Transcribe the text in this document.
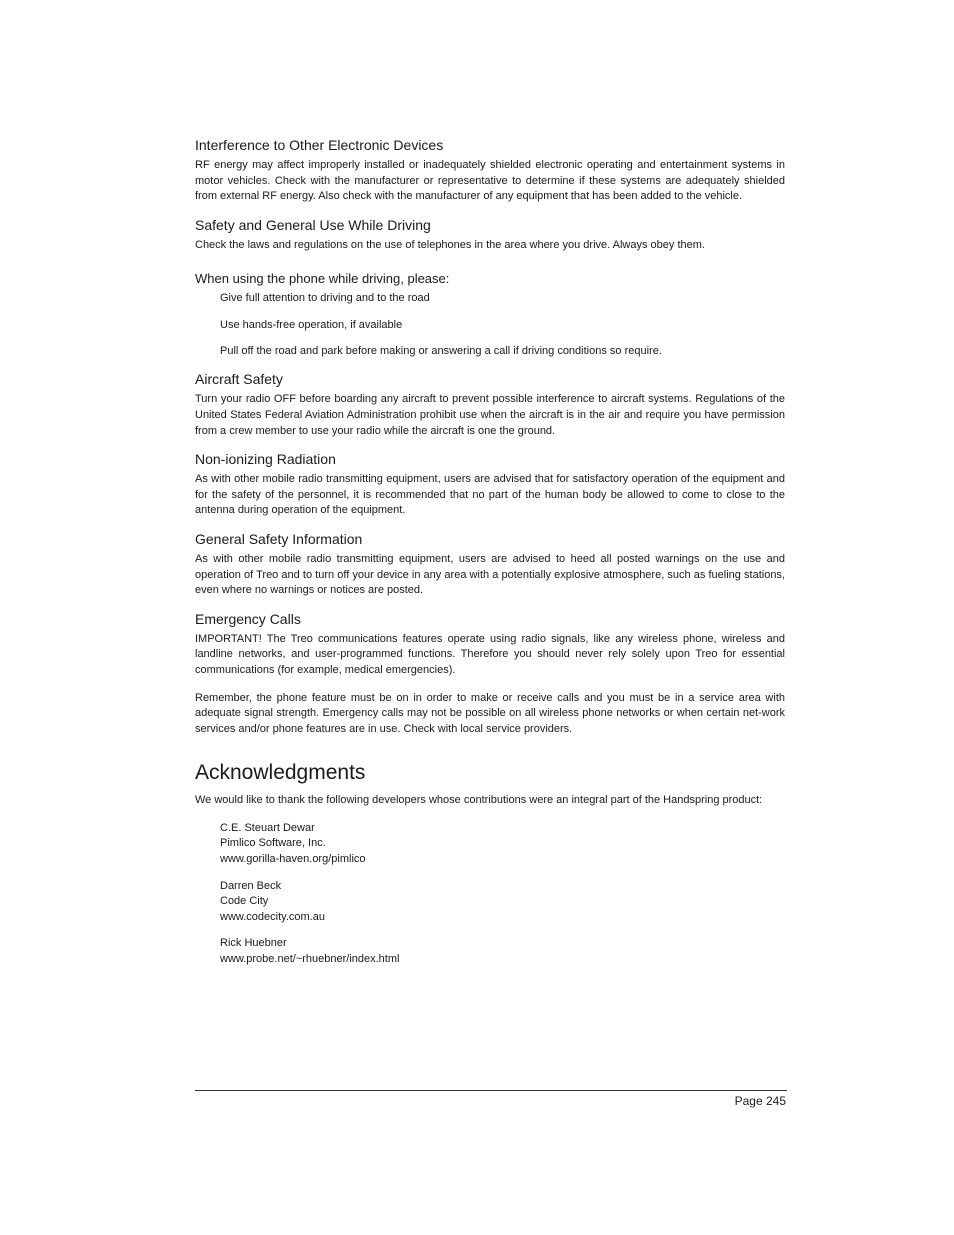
Interference to Other Electronic Devices

RF energy may affect improperly installed or inadequately shielded electronic operating and entertainment systems in motor vehicles. Check with the manufacturer or representative to determine if these systems are adequately shielded from external RF energy. Also check with the manufacturer of any equipment that has been added to the vehicle.

Safety and General Use While Driving

Check the laws and regulations on the use of telephones in the area where you drive. Always obey them.

When using the phone while driving, please:
Give full attention to driving and to the road
Use hands-free operation, if available
Pull off the road and park before making or answering a call if driving conditions so require.
Aircraft Safety

Turn your radio OFF before boarding any aircraft to prevent possible interference to aircraft systems. Regulations of the United States Federal Aviation Administration prohibit use when the aircraft is in the air and require you have permission from a crew member to use your radio while the aircraft is one the ground.

Non-ionizing Radiation

As with other mobile radio transmitting equipment, users are advised that for satisfactory operation of the equipment and for the safety of the personnel, it is recommended that no part of the human body be allowed to come to close to the antenna during operation of the equipment.

General Safety Information

As with other mobile radio transmitting equipment, users are advised to heed all posted warnings on the use and operation of Treo and to turn off your device in any area with a potentially explosive atmosphere, such as fueling stations, even where no warnings or notices are posted.

Emergency Calls

IMPORTANT! The Treo communications features operate using radio signals, like any wireless phone, wireless and landline networks, and user-programmed functions. Therefore you should never rely solely upon Treo for essential communications (for example, medical emergencies).

Remember, the phone feature must be on in order to make or receive calls and you must be in a service area with adequate signal strength. Emergency calls may not be possible on all wireless phone networks or when certain net-work services and/or phone features are in use. Check with local service providers.

Acknowledgments

We would like to thank the following developers whose contributions were an integral part of the Handspring product:

C.E. Steuart Dewar
Pimlico Software, Inc.
www.gorilla-haven.org/pimlico
Darren Beck
Code City
www.codecity.com.au
Rick Huebner
www.probe.net/~rhuebner/index.html
Page 245
